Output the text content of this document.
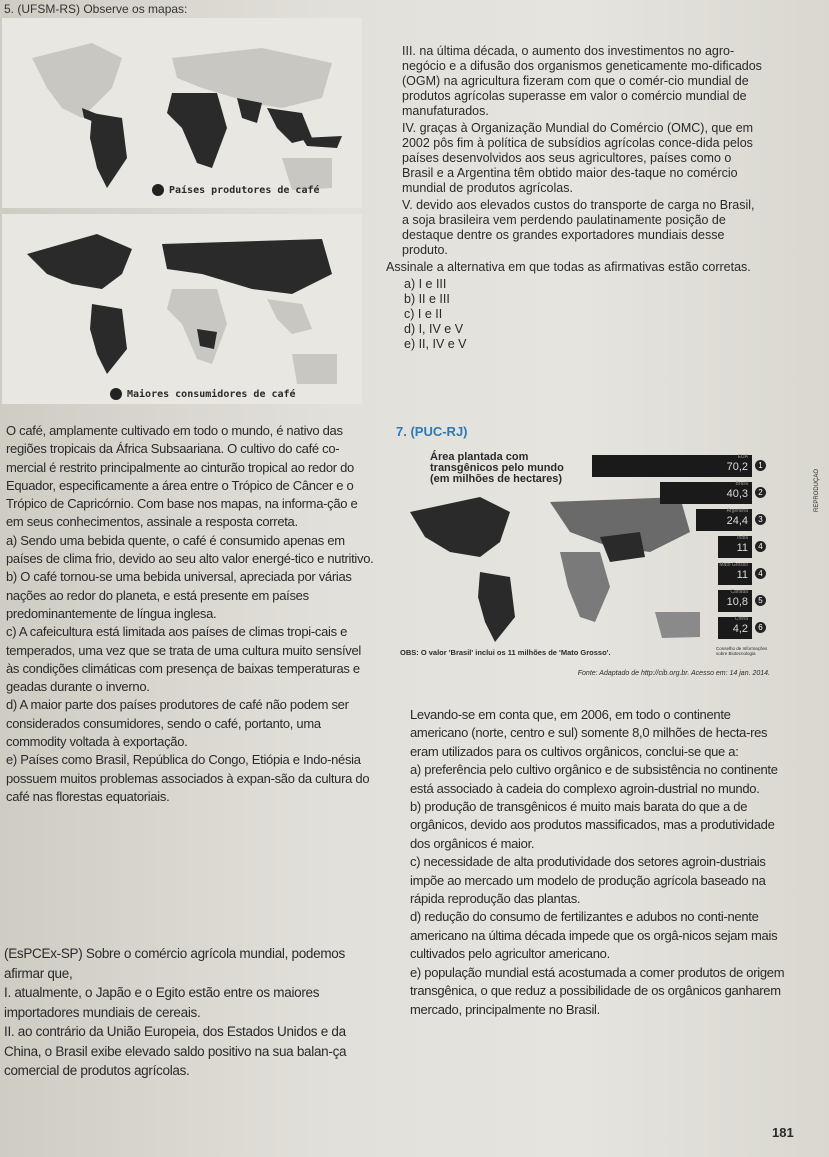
5. (UFSM-RS) Observe os mapas:
Países produtores de café
Maiores consumidores de café

III. na última década, o aumento dos investimentos no agro-negócio e a difusão dos organismos geneticamente mo-dificados (OGM) na agricultura fizeram com que o comér-cio mundial de produtos agrícolas superasse em valor o comércio mundial de manufaturados.

IV. graças à Organização Mundial do Comércio (OMC), que em 2002 pôs fim à política de subsídios agrícolas conce-dida pelos países desenvolvidos aos seus agricultores, países como o Brasil e a Argentina têm obtido maior des-taque no comércio mundial de produtos agrícolas.

V. devido aos elevados custos do transporte de carga no Brasil, a soja brasileira vem perdendo paulatinamente posição de destaque dentre os grandes exportadores mundiais desse produto.

Assinale a alternativa em que todas as afirmativas estão corretas.

a) I e III
b) II e III
c) I e II
d) I, IV e V
e) II, IV e V

O café, amplamente cultivado em todo o mundo, é nativo das regiões tropicais da África Subsaariana. O cultivo do café co-mercial é restrito principalmente ao cinturão tropical ao redor do Equador, especificamente a área entre o Trópico de Câncer e o Trópico de Capricórnio. Com base nos mapas, na informa-ção e em seus conhecimentos, assinale a resposta correta.

a) Sendo uma bebida quente, o café é consumido apenas em países de clima frio, devido ao seu alto valor energé-tico e nutritivo.

b) O café tornou-se uma bebida universal, apreciada por várias nações ao redor do planeta, e está presente em países predominantemente de língua inglesa.

c) A cafeicultura está limitada aos países de climas tropi-cais e temperados, uma vez que se trata de uma cultura muito sensível às condições climáticas com presença de baixas temperaturas e geadas durante o inverno.

d) A maior parte dos países produtores de café não podem ser considerados consumidores, sendo o café, portanto, uma commodity voltada à exportação.

e) Países como Brasil, República do Congo, Etiópia e Indo-nésia possuem muitos problemas associados à expan-são da cultura do café nas florestas equatoriais.

(EsPCEx-SP) Sobre o comércio agrícola mundial, podemos afirmar que,

I. atualmente, o Japão e o Egito estão entre os maiores importadores mundiais de cereais.

II. ao contrário da União Europeia, dos Estados Unidos e da China, o Brasil exibe elevado saldo positivo na sua balan-ça comercial de produtos agrícolas.

7. (PUC-RJ)
Área plantada com
transgênicos pelo mundo
(em milhões de hectares)
EUA
70,2	1
Brasil
40,3	2
Argentina
24,4	3
Índia
11	4
Mato Grosso
11	4
Canadá
10,8	5
China
4,2	6
OBS: O valor 'Brasil' inclui os 11 milhões de 'Mato Grosso'.	Conselho de Informações sobre Biotecnologia
Fonte: Adaptado de http://cib.org.br. Acesso em: 14 jan. 2014.
REPRODUÇÃO

Levando-se em conta que, em 2006, em todo o continente americano (norte, centro e sul) somente 8,0 milhões de hecta-res eram utilizados para os cultivos orgânicos, conclui-se que a:

a) preferência pelo cultivo orgânico e de subsistência no continente está associado à cadeia do complexo agroin-dustrial no mundo.

b) produção de transgênicos é muito mais barata do que a de orgânicos, devido aos produtos massificados, mas a produtividade dos orgânicos é maior.

c) necessidade de alta produtividade dos setores agroin-dustriais impõe ao mercado um modelo de produção agrícola baseado na rápida reprodução das plantas.

d) redução do consumo de fertilizantes e adubos no conti-nente americano na última década impede que os orgâ-nicos sejam mais cultivados pelo agricultor americano.

e) população mundial está acostumada a comer produtos de origem transgênica, o que reduz a possibilidade de os orgânicos ganharem mercado, principalmente no Brasil.

181
